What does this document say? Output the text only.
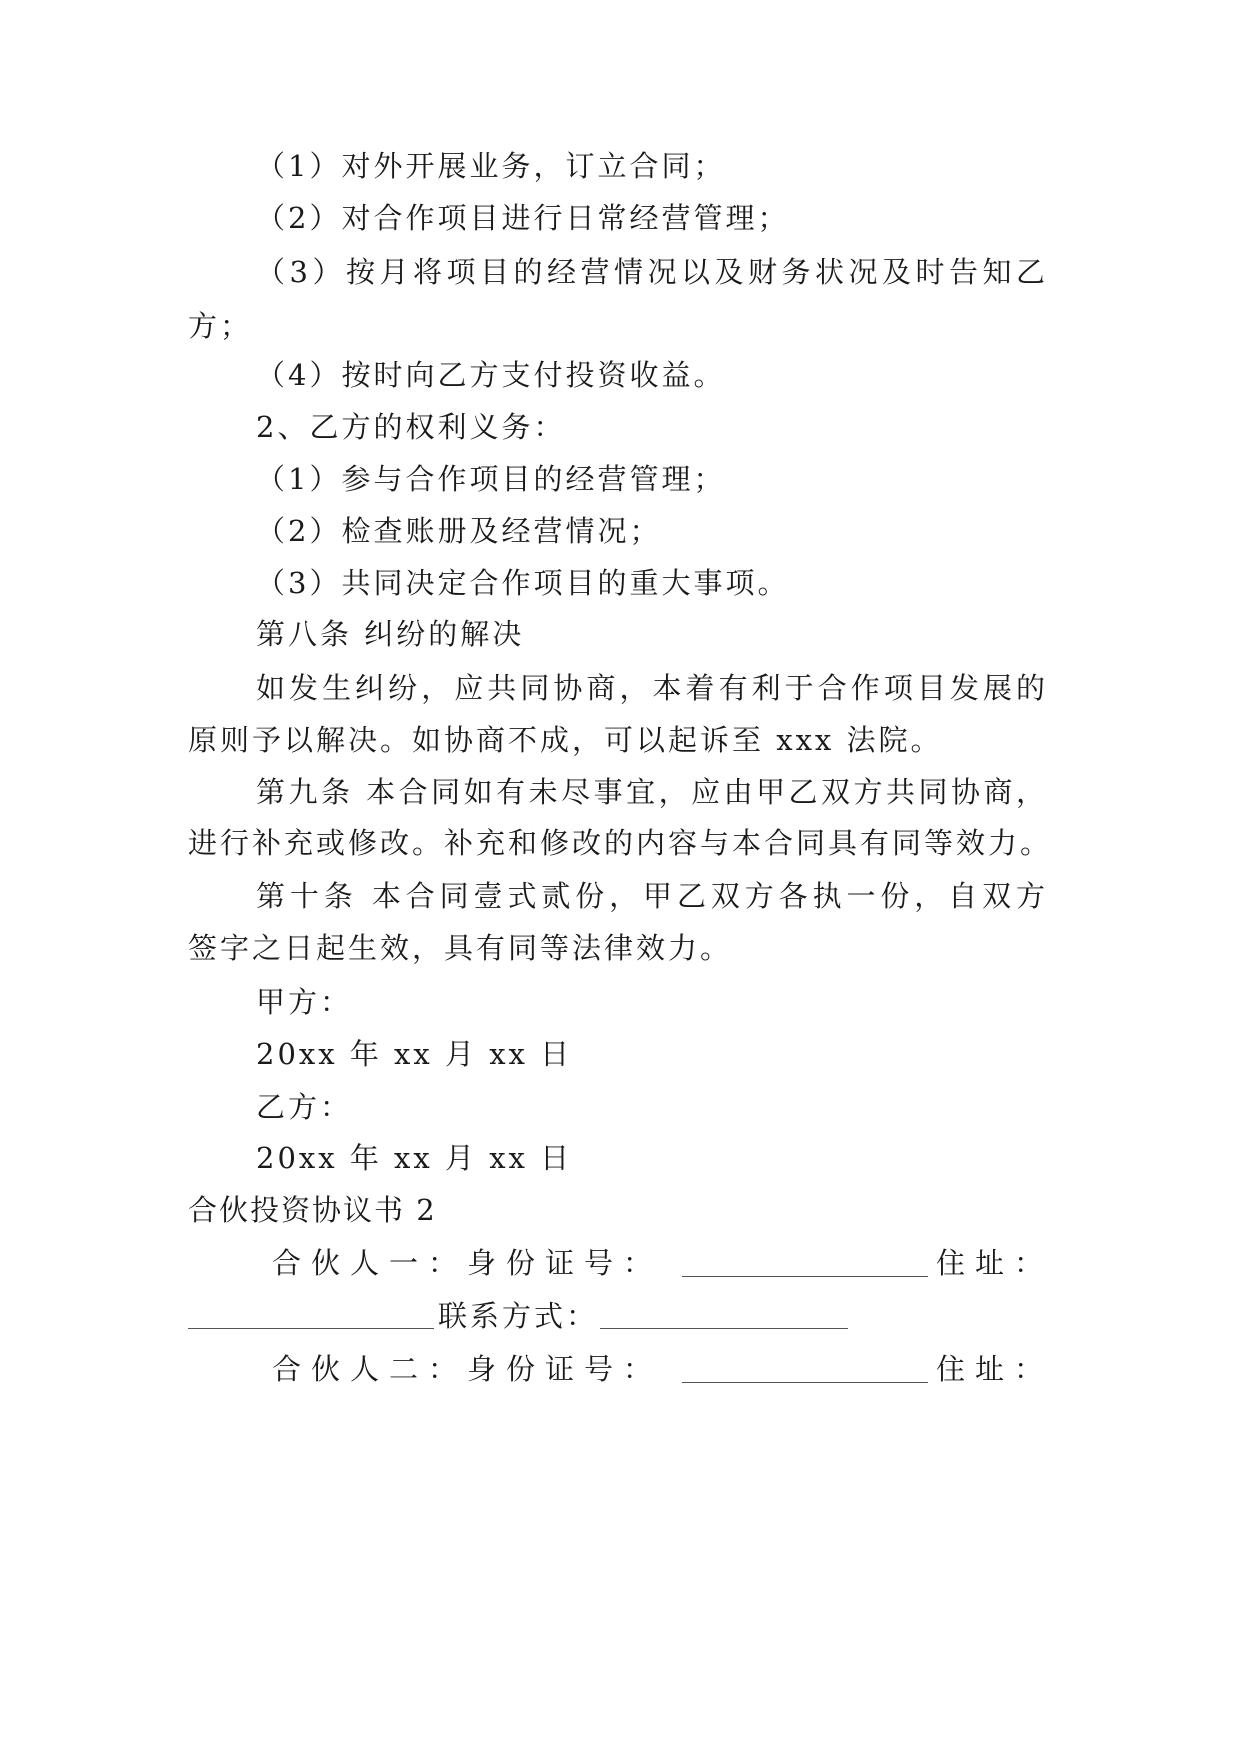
（1）对外开展业务，订立合同；
（2）对合作项目进行日常经营管理；
（3）按月将项目的经营情况以及财务状况及时告知乙
方；
（4）按时向乙方支付投资收益。
2、乙方的权利义务：
（1）参与合作项目的经营管理；
（2）检查账册及经营情况；
（3）共同决定合作项目的重大事项。
第八条 纠纷的解决
如发生纠纷，应共同协商，本着有利于合作项目发展的
原则予以解决。如协商不成，可以起诉至 xxx 法院。
第九条 本合同如有未尽事宜，应由甲乙双方共同协商，
进行补充或修改。补充和修改的内容与本合同具有同等效力。
第十条 本合同壹式贰份，甲乙双方各执一份，自双方
签字之日起生效，具有同等法律效力。
甲方：
20xx 年 xx 月 xx 日
乙方：
20xx 年 xx 月 xx 日
合伙投资协议书 2
合伙人一：身份证号：	住址：
联系方式：
合伙人二：身份证号：	住址：
